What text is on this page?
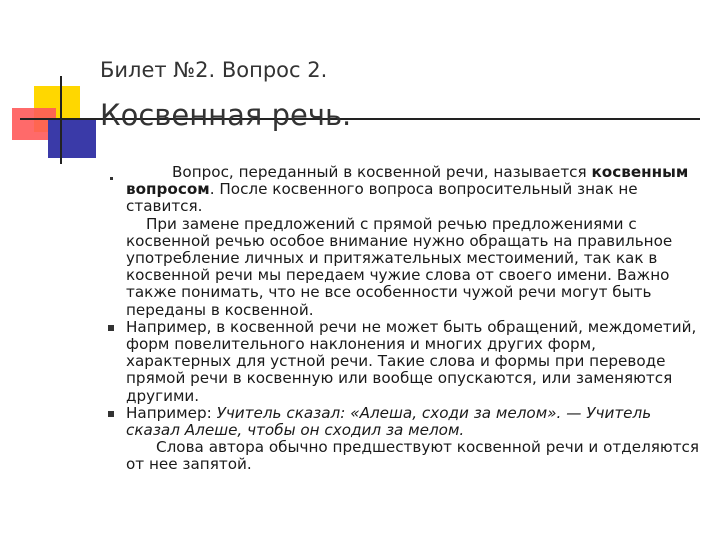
Билет №2. Вопрос 2.
Косвенная речь.

Вопрос, переданный в косвенной речи, называется косвенным вопросом. После косвенного вопроса вопросительный знак не ставится.

При замене предложений с прямой речью предложениями с косвенной речью особое внимание нужно обращать на правильное употребление личных и притяжательных местоимений, так как в косвенной речи мы передаем чужие слова от своего имени. Важно также понимать, что не все особенности чужой речи могут быть переданы в косвенной.

Например, в косвенной речи не может быть обращений, междометий, форм повелительного наклонения и многих других форм, характерных для устной речи. Такие слова и формы при переводе прямой речи в косвенную или вообще опускаются, или заменяются другими.

Например: Учитель сказал: «Алеша, сходи за мелом». — Учитель сказал Алеше, чтобы он сходил за мелом.

Слова автора обычно предшествуют косвенной речи и отделяются от нее запятой.
